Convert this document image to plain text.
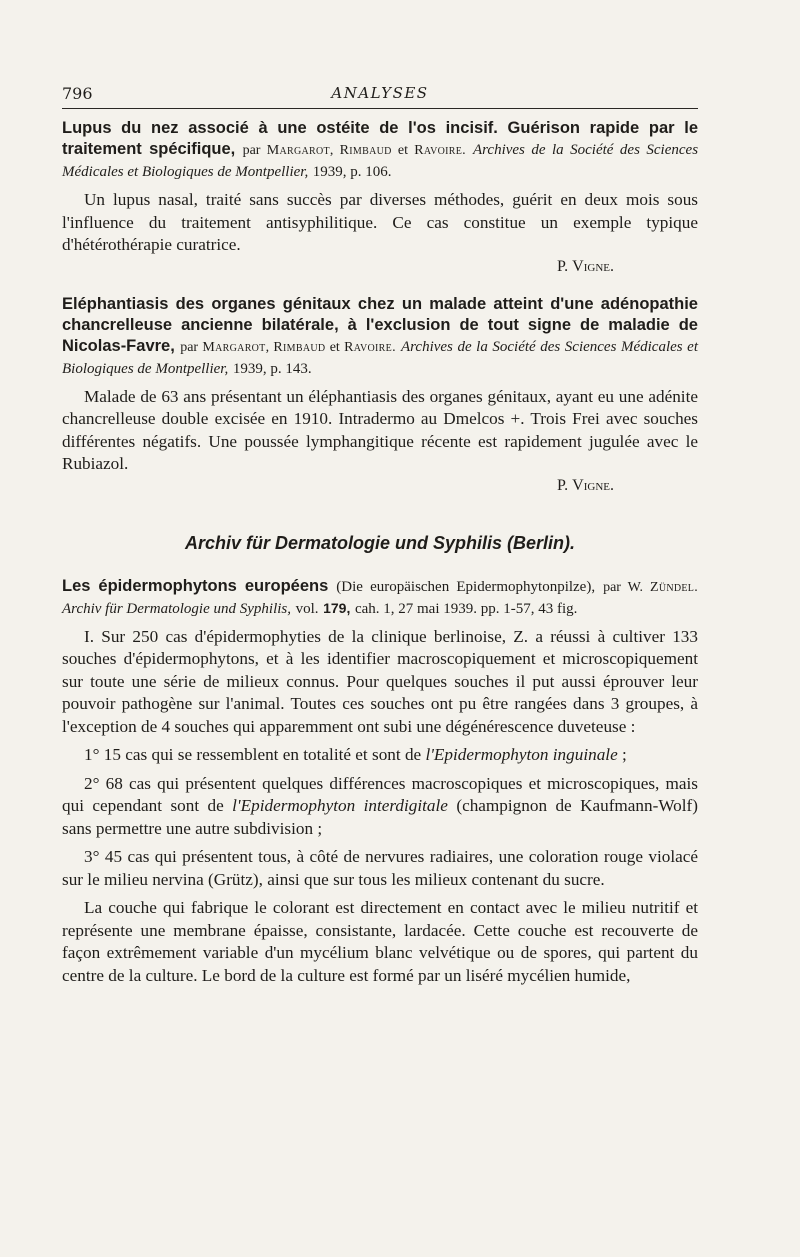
796	ANALYSES
Lupus du nez associé à une ostéite de l'os incisif. Guérison rapide par le traitement spécifique, par Margarot, Rimbaud et Ravoire. Archives de la Société des Sciences Médicales et Biologiques de Montpellier, 1939, p. 106.

Un lupus nasal, traité sans succès par diverses méthodes, guérit en deux mois sous l'influence du traitement antisyphilitique. Ce cas constitue un exemple typique d'hétérothérapie curatrice.

P. Vigne.
Eléphantiasis des organes génitaux chez un malade atteint d'une adénopathie chancrelleuse ancienne bilatérale, à l'exclusion de tout signe de maladie de Nicolas-Favre, par Margarot, Rimbaud et Ravoire. Archives de la Société des Sciences Médicales et Biologiques de Montpellier, 1939, p. 143.

Malade de 63 ans présentant un éléphantiasis des organes génitaux, ayant eu une adénite chancrelleuse double excisée en 1910. Intradermo au Dmelcos +. Trois Frei avec souches différentes négatifs. Une poussée lymphangitique récente est rapidement jugulée avec le Rubiazol.

P. Vigne.
Archiv für Dermatologie und Syphilis (Berlin).
Les épidermophytons européens (Die europäischen Epidermophytonpilze), par W. Zündel. Archiv für Dermatologie und Syphilis, vol. 179, cah. 1, 27 mai 1939. pp. 1-57, 43 fig.

I. Sur 250 cas d'épidermophyties de la clinique berlinoise, Z. a réussi à cultiver 133 souches d'épidermophytons, et à les identifier macroscopiquement et microscopiquement sur toute une série de milieux connus. Pour quelques souches il put aussi éprouver leur pouvoir pathogène sur l'animal. Toutes ces souches ont pu être rangées dans 3 groupes, à l'exception de 4 souches qui apparemment ont subi une dégénérescence duveteuse :

1° 15 cas qui se ressemblent en totalité et sont de l'Epidermophyton inguinale ;

2° 68 cas qui présentent quelques différences macroscopiques et microscopiques, mais qui cependant sont de l'Epidermophyton interdigitale (champignon de Kaufmann-Wolf) sans permettre une autre subdivision ;

3° 45 cas qui présentent tous, à côté de nervures radiaires, une coloration rouge violacé sur le milieu nervina (Grütz), ainsi que sur tous les milieux contenant du sucre.

La couche qui fabrique le colorant est directement en contact avec le milieu nutritif et représente une membrane épaisse, consistante, lardacée. Cette couche est recouverte de façon extrêmement variable d'un mycélium blanc velvétique ou de spores, qui partent du centre de la culture. Le bord de la culture est formé par un liséré mycélien humide,
